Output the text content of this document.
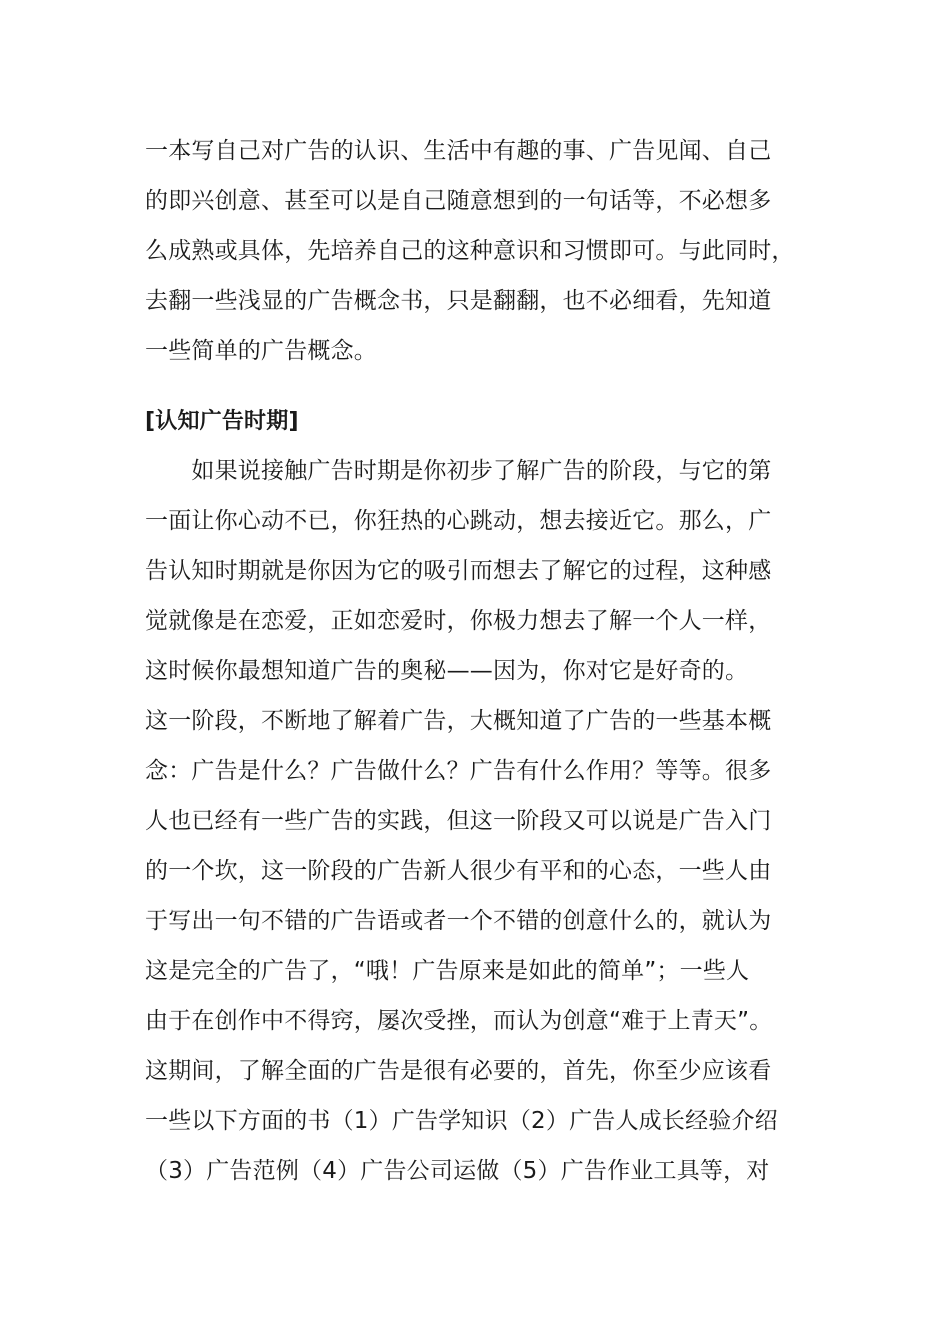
一本写自己对广告的认识、生活中有趣的事、广告见闻、自己
的即兴创意、甚至可以是自己随意想到的一句话等，不必想多
么成熟或具体，先培养自己的这种意识和习惯即可。与此同时，
去翻一些浅显的广告概念书，只是翻翻，也不必细看，先知道
一些简单的广告概念。
[认知广告时期]
　　如果说接触广告时期是你初步了解广告的阶段，与它的第
一面让你心动不已，你狂热的心跳动，想去接近它。那么，广
告认知时期就是你因为它的吸引而想去了解它的过程，这种感
觉就像是在恋爱，正如恋爱时，你极力想去了解一个人一样，
这时候你最想知道广告的奥秘——因为，你对它是好奇的。
这一阶段，不断地了解着广告，大概知道了广告的一些基本概
念：广告是什么？广告做什么？广告有什么作用？等等。很多
人也已经有一些广告的实践，但这一阶段又可以说是广告入门
的一个坎，这一阶段的广告新人很少有平和的心态，一些人由
于写出一句不错的广告语或者一个不错的创意什么的，就认为
这是完全的广告了，“哦！广告原来是如此的简单”；一些人
由于在创作中不得窍，屡次受挫，而认为创意“难于上青天”。
这期间，了解全面的广告是很有必要的，首先，你至少应该看
一些以下方面的书（1）广告学知识（2）广告人成长经验介绍
（3）广告范例（4）广告公司运做（5）广告作业工具等，对
